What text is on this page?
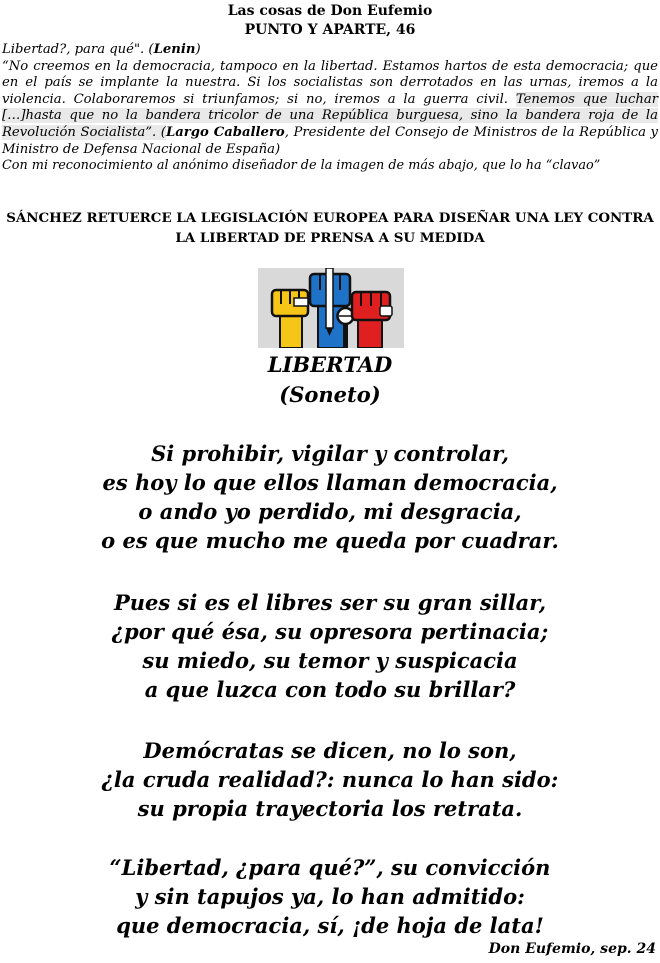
Las cosas de Don Eufemio
PUNTO Y APARTE, 46

Libertad?, para qué". (Lenin)

“No creemos en la democracia, tampoco en la libertad. Estamos hartos de esta democracia; que en el país se implante la nuestra. Si los socialistas son derrotados en las urnas, iremos a la violencia. Colaboraremos si triunfamos; si no, iremos a la guerra civil. Tenemos que luchar […]hasta que no la bandera tricolor de una República burguesa, sino la bandera roja de la Revolución Socialista”. (Largo Caballero, Presidente del Consejo de Ministros de la República y Ministro de Defensa Nacional de España)

Con mi reconocimiento al anónimo diseñador de la imagen de más abajo, que lo ha “clavao”

SÁNCHEZ RETUERCE LA LEGISLACIÓN EUROPEA PARA DISEÑAR UNA LEY CONTRA
LA LIBERTAD DE PRENSA A SU MEDIDA
LIBERTAD
(Soneto)
Si prohibir, vigilar y controlar,
es hoy lo que ellos llaman democracia,
o ando yo perdido, mi desgracia,
o es que mucho me queda por cuadrar.
Pues si es el libres ser su gran sillar,
¿por qué ésa, su opresora pertinacia;
su miedo, su temor y suspicacia
a que luzca con todo su brillar?
Demócratas se dicen, no lo son,
¿la cruda realidad?: nunca lo han sido:
su propia trayectoria los retrata.
“Libertad, ¿para qué?”, su convicción
y sin tapujos ya, lo han admitido:
que democracia, sí, ¡de hoja de lata!
Don Eufemio, sep. 24
